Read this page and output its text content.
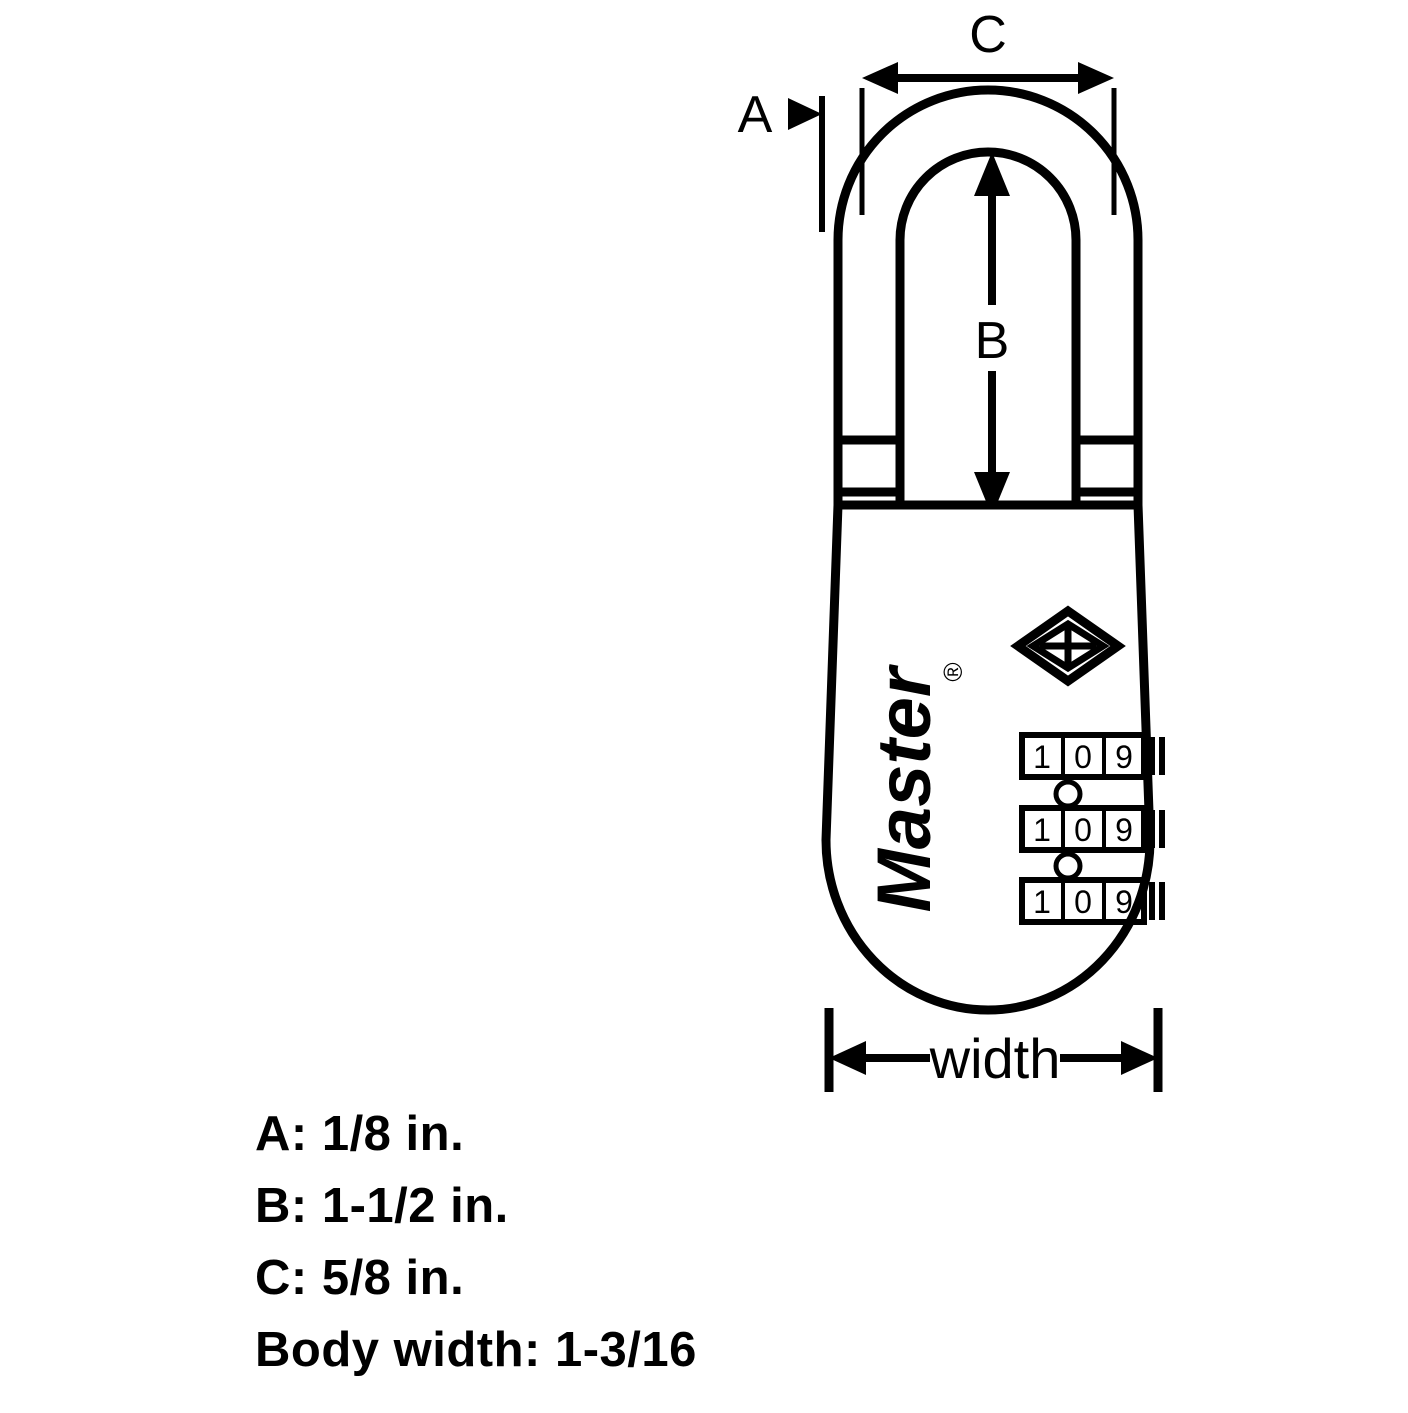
C
A
B
Master
®
1 0 9
1 0 9
1 0 9
width
A: 1/8 in.
B: 1-1/2 in.
C: 5/8 in.
Body width: 1-3/16
